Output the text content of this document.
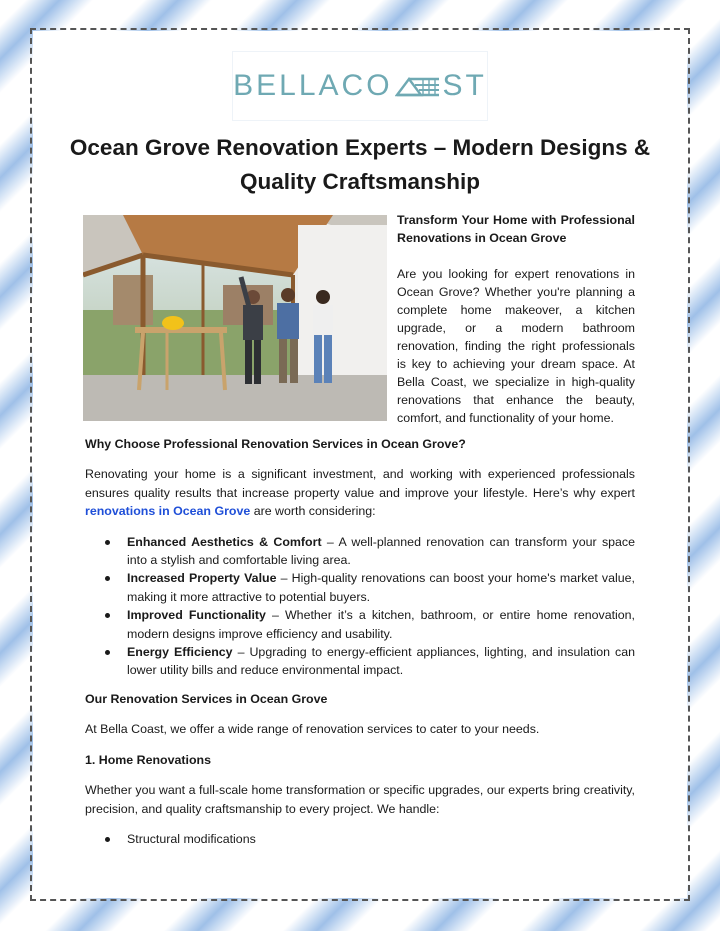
BELLACO ST
Ocean Grove Renovation Experts – Modern Designs & Quality Craftsmanship

Transform Your Home with Professional Renovations in Ocean Grove

Are you looking for expert renovations in Ocean Grove? Whether you're planning a complete home makeover, a kitchen upgrade, or a modern bathroom renovation, finding the right professionals is key to achieving your dream space. At Bella Coast, we specialize in high-quality renovations that enhance the beauty, comfort, and functionality of your home.

Why Choose Professional Renovation Services in Ocean Grove?

Renovating your home is a significant investment, and working with experienced professionals ensures quality results that increase property value and improve your lifestyle. Here’s why expert renovations in Ocean Grove are worth considering:

Enhanced Aesthetics & Comfort – A well-planned renovation can transform your space into a stylish and comfortable living area.
Increased Property Value – High-quality renovations can boost your home's market value, making it more attractive to potential buyers.
Improved Functionality – Whether it’s a kitchen, bathroom, or entire home renovation, modern designs improve efficiency and usability.
Energy Efficiency – Upgrading to energy-efficient appliances, lighting, and insulation can lower utility bills and reduce environmental impact.

Our Renovation Services in Ocean Grove

At Bella Coast, we offer a wide range of renovation services to cater to your needs.

1. Home Renovations

Whether you want a full-scale home transformation or specific upgrades, our experts bring creativity, precision, and quality craftsmanship to every project. We handle:

Structural modifications
